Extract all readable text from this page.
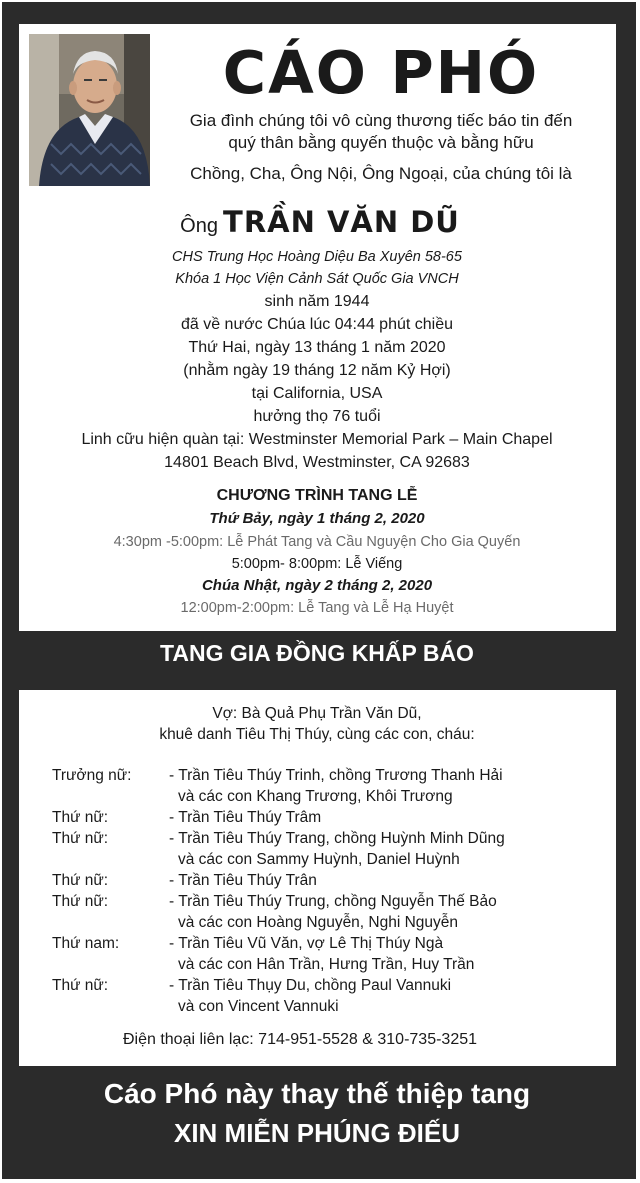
CÁO PHÓ
Gia đình chúng tôi vô cùng thương tiếc báo tin đến
quý thân bằng quyến thuộc và bằng hữu
Chồng, Cha, Ông Nội, Ông Ngoại, của chúng tôi là
Ông TRẦN VĂN DŨ
CHS Trung Học Hoàng Diệu Ba Xuyên 58-65
Khóa 1 Học Viện Cảnh Sát Quốc Gia VNCH
sinh năm 1944
đã về nước Chúa lúc 04:44 phút chiều
Thứ Hai, ngày 13 tháng 1 năm 2020
(nhằm ngày 19 tháng 12 năm Kỷ Hợi)
tại California, USA
hưởng thọ 76 tuổi
Linh cữu hiện quàn tại: Westminster Memorial Park – Main Chapel
14801 Beach Blvd, Westminster, CA 92683
CHƯƠNG TRÌNH TANG LỄ
Thứ Bảy, ngày 1 tháng 2, 2020
4:30pm -5:00pm: Lễ Phát Tang và Cầu Nguyện Cho Gia Quyến
5:00pm- 8:00pm: Lễ Viếng
Chúa Nhật, ngày 2 tháng 2, 2020
12:00pm-2:00pm: Lễ Tang và Lễ Hạ Huyệt
TANG GIA ĐỒNG KHẤP BÁO
Vợ: Bà Quả Phụ Trần Văn Dũ,
khuê danh Tiêu Thị Thúy, cùng các con, cháu:
Trưởng nữ:	- Trần Tiêu Thúy Trinh, chồng Trương Thanh Hải
và các con Khang Trương, Khôi Trương
Thứ nữ:	- Trần Tiêu Thúy Trâm
Thứ nữ:	- Trần Tiêu Thúy Trang, chồng Huỳnh Minh Dũng
và các con Sammy Huỳnh, Daniel Huỳnh
Thứ nữ:	- Trần Tiêu Thúy Trân
Thứ nữ:	- Trần Tiêu Thúy Trung, chồng Nguyễn Thế Bảo
và các con Hoàng Nguyễn, Nghi Nguyễn
Thứ nam:	- Trần Tiêu Vũ Văn, vợ Lê Thị Thúy Ngà
và các con Hân Trần, Hưng Trần, Huy Trần
Thứ nữ:	- Trần Tiêu Thụy Du, chồng Paul Vannuki
và con Vincent Vannuki
Điện thoại liên lạc: 714-951-5528 & 310-735-3251
Cáo Phó này thay thế thiệp tang
XIN MIỄN PHÚNG ĐIẾU
